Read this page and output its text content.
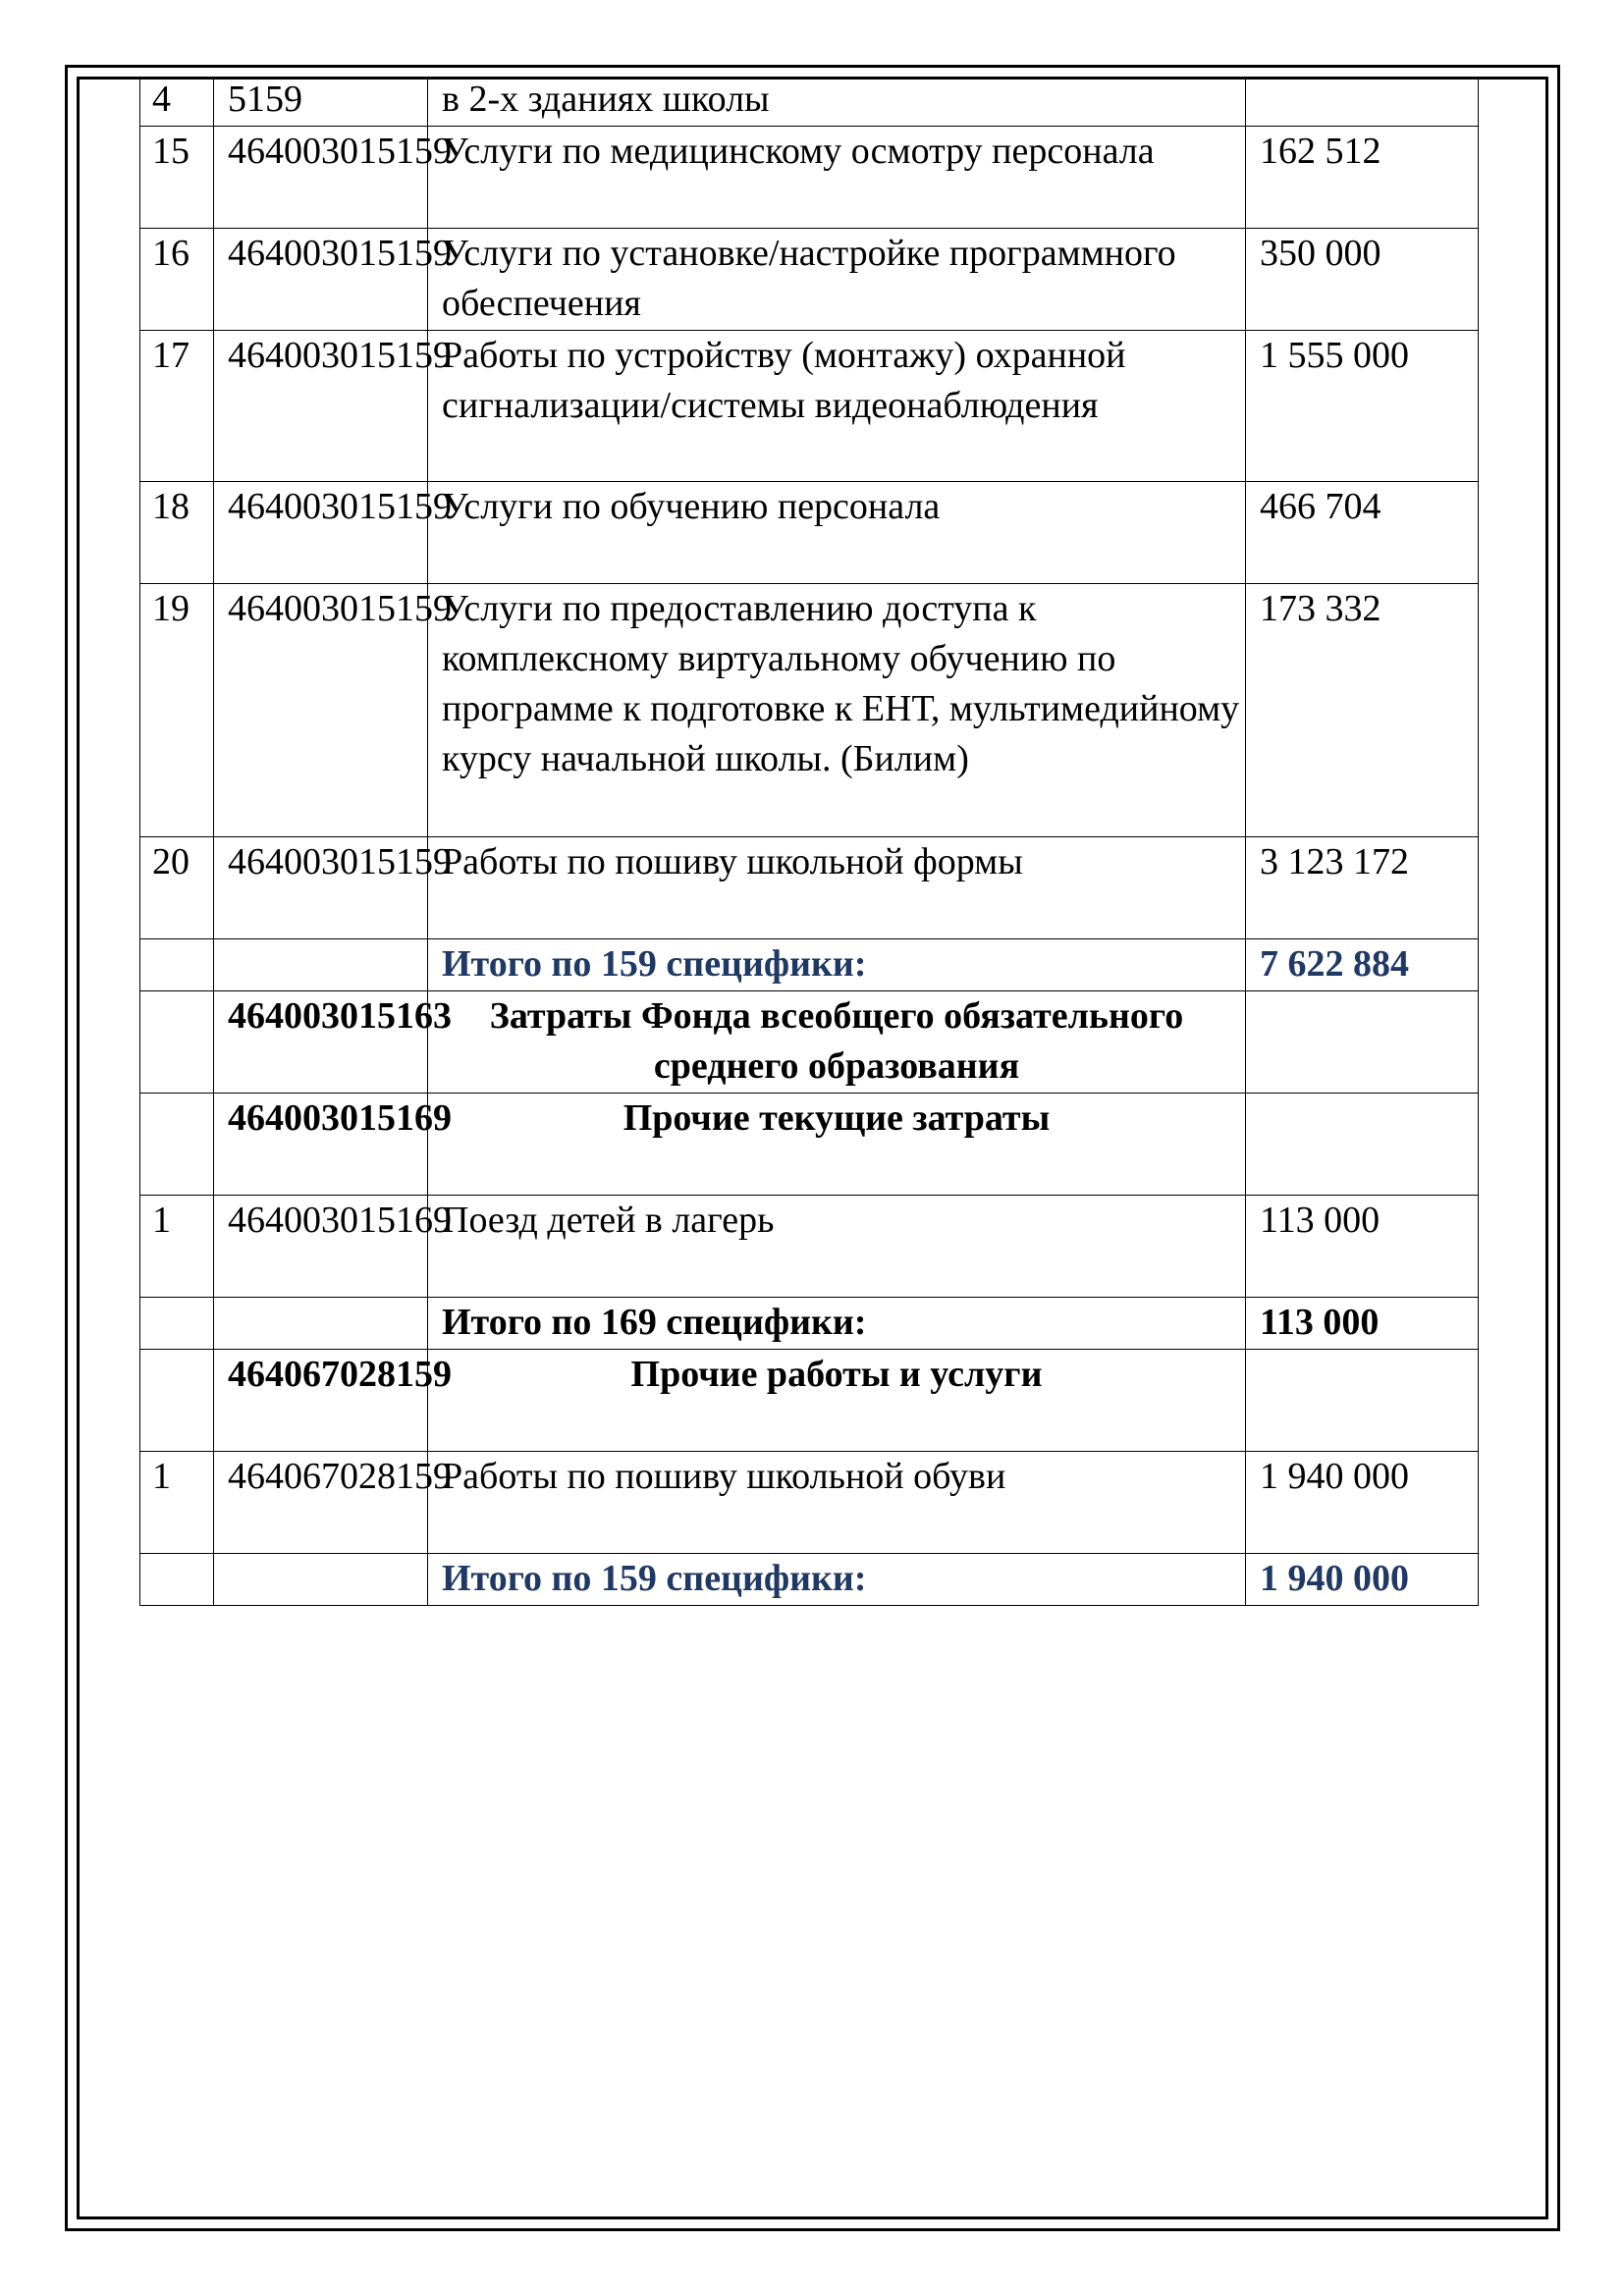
4	5159	в 2-х зданиях школы	
15	464003015159	Услуги по медицинскому осмотру персонала	162 512
16	464003015159	Услуги по установке/настройке программного обеспечения	350 000
17	464003015159	Работы по устройству (монтажу) охранной сигнализации/системы видеонаблюдения	1 555 000
18	464003015159	Услуги по обучению персонала	466 704
19	464003015159	Услуги по предоставлению доступа к комплексному виртуальному обучению по программе к подготовке к ЕНТ, мультимедийному курсу начальной школы. (Билим)	173 332
20	464003015159	Работы по пошиву школьной формы	3 123 172
		Итого по 159 специфики:	7 622 884
	464003015163	Затраты Фонда всеобщего обязательного среднего образования	
	464003015169	Прочие текущие затраты	
1	464003015169	Поезд детей в лагерь	113 000
		Итого по 169 специфики:	113 000
	464067028159	Прочие работы и услуги	
1	464067028159	Работы по пошиву школьной обуви	1 940 000
		Итого по 159 специфики:	1 940 000
